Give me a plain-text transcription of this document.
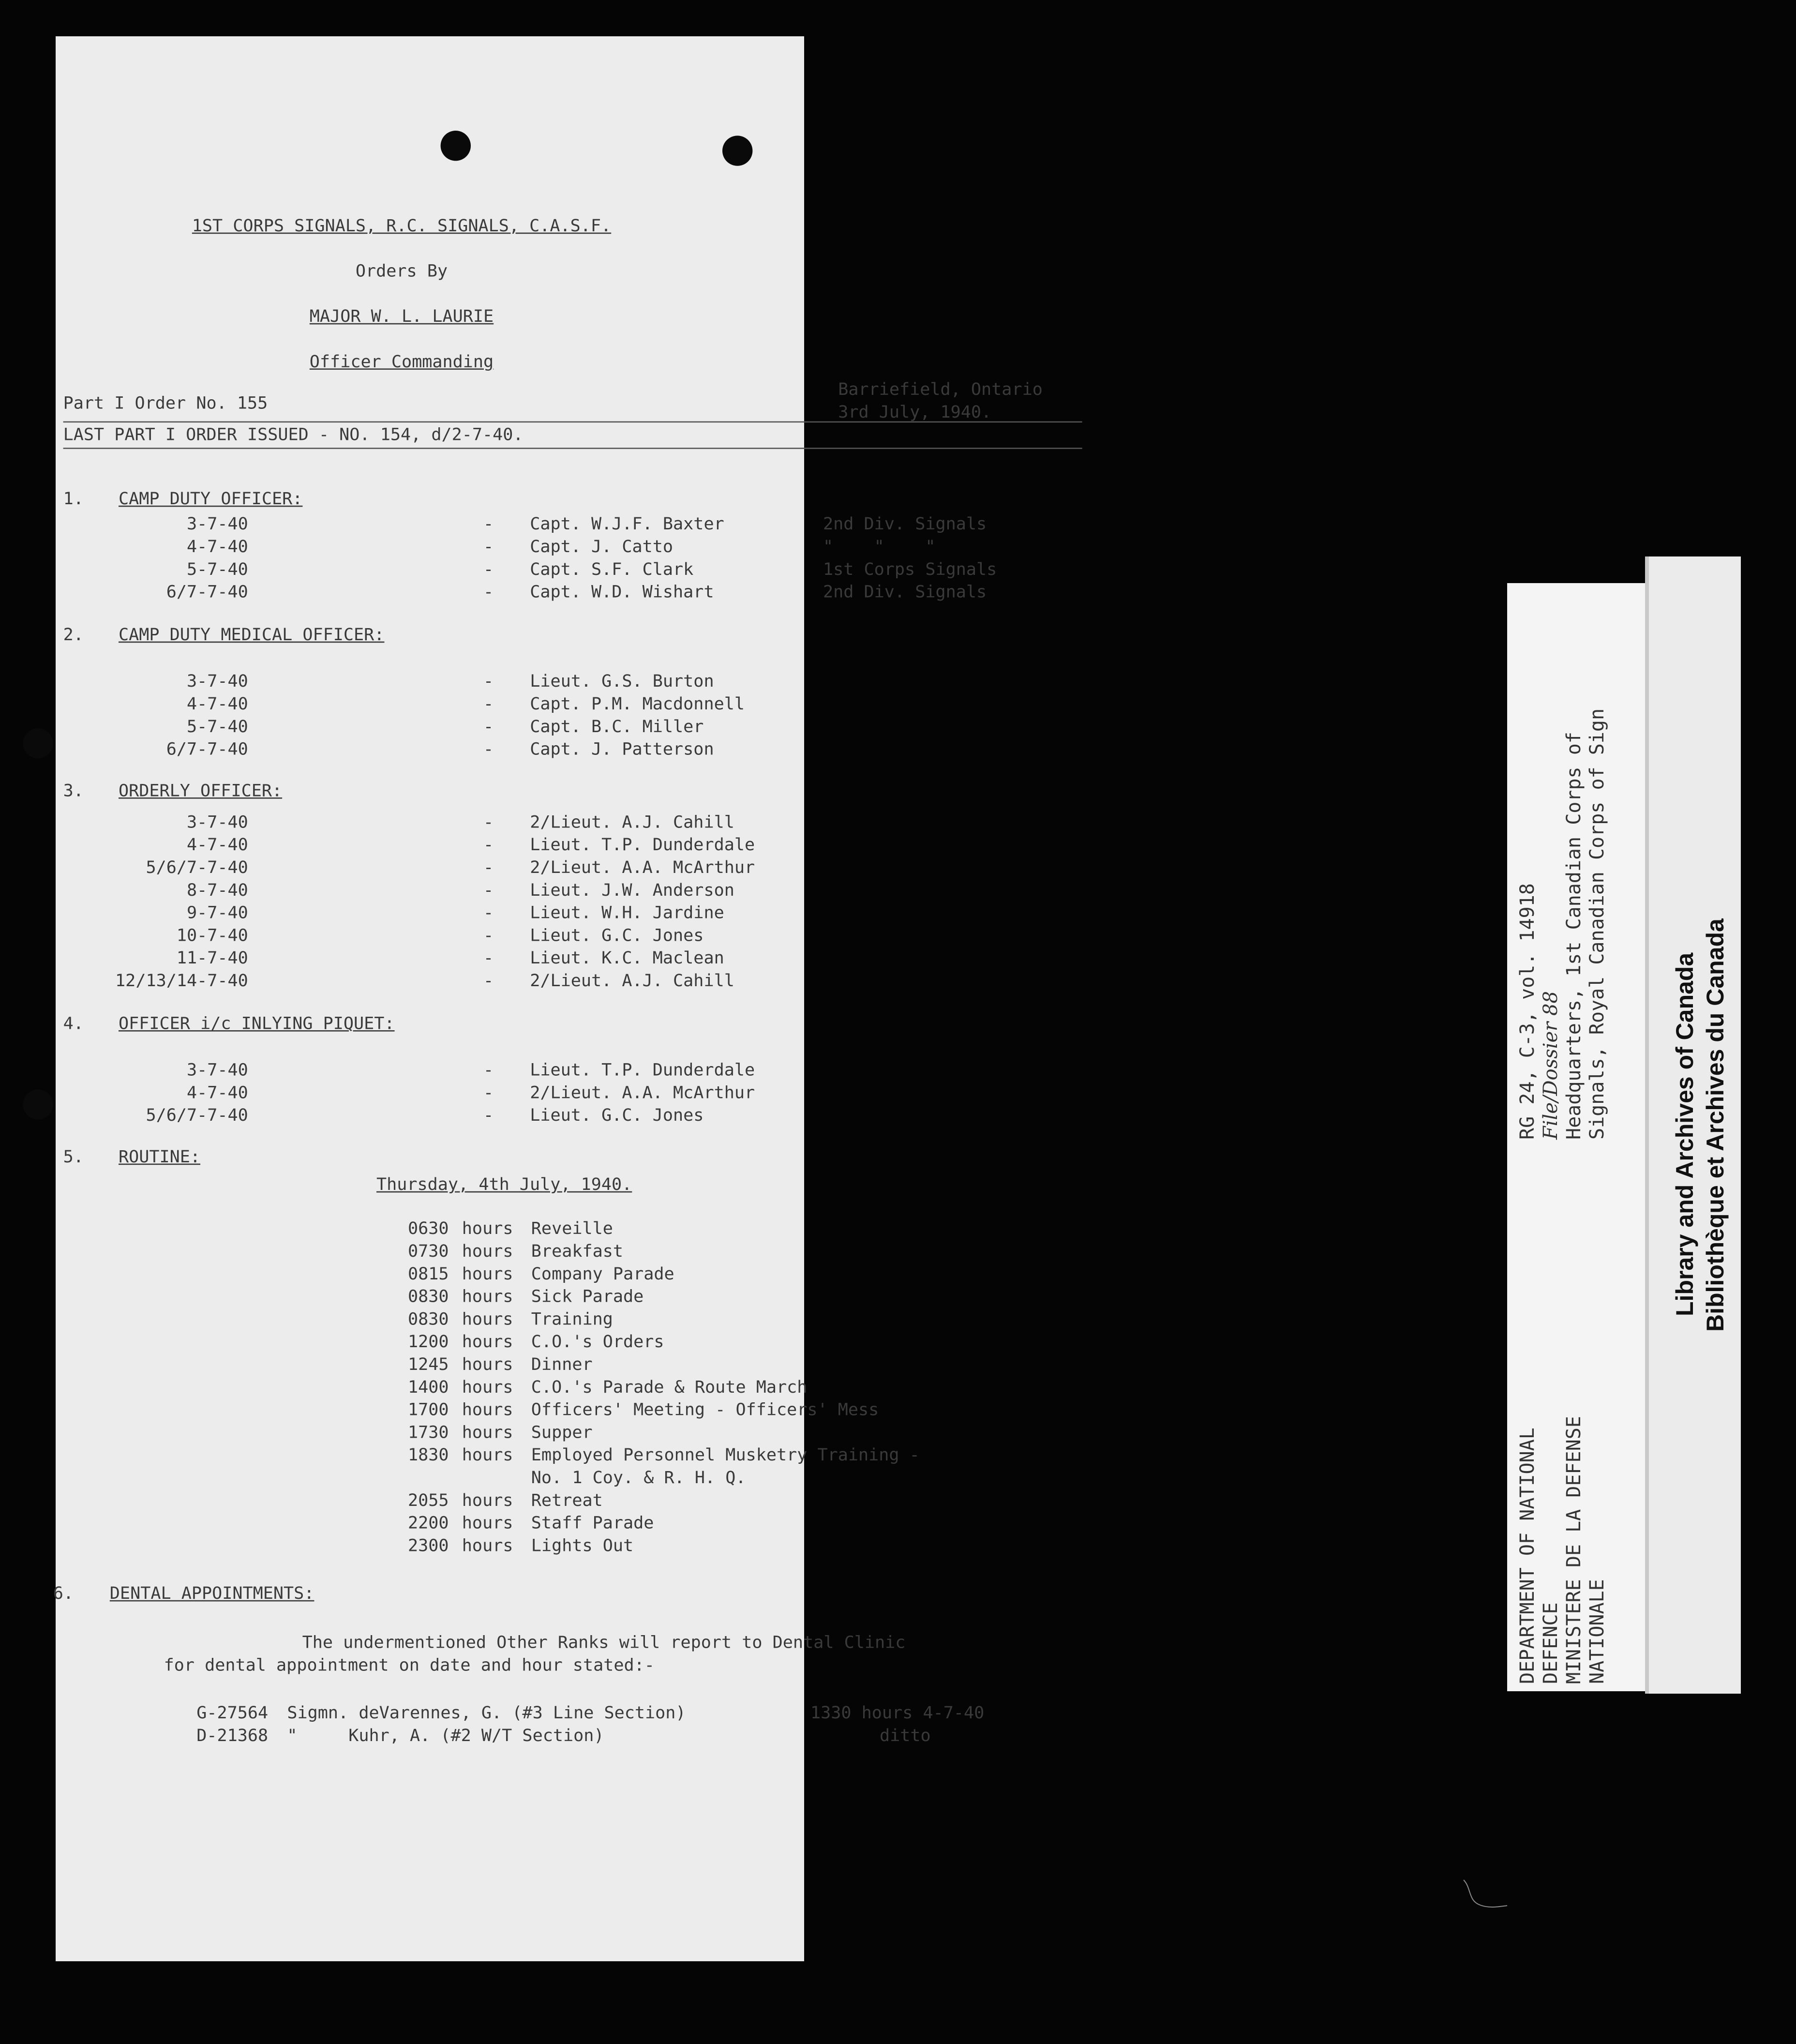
1ST CORPS SIGNALS, R.C. SIGNALS, C.A.S.F.
Orders By
MAJOR W. L. LAURIE
Officer Commanding
Part I Order No. 155
Barriefield, Ontario
3rd July, 1940.
LAST PART I ORDER ISSUED - NO. 154, d/2-7-40.
1.	CAMP DUTY OFFICER:
3-7-40	-	Capt. W.J.F. Baxter	2nd Div. Signals
4-7-40	-	Capt. J. Catto	"    "    "
5-7-40	-	Capt. S.F. Clark	1st Corps Signals
6/7-7-40	-	Capt. W.D. Wishart	2nd Div. Signals
2.	CAMP DUTY MEDICAL OFFICER:
3-7-40	-	Lieut. G.S. Burton
4-7-40	-	Capt. P.M. Macdonnell
5-7-40	-	Capt. B.C. Miller
6/7-7-40	-	Capt. J. Patterson
3.	ORDERLY OFFICER:
3-7-40	-	2/Lieut. A.J. Cahill
4-7-40	-	Lieut. T.P. Dunderdale
5/6/7-7-40	-	2/Lieut. A.A. McArthur
8-7-40	-	Lieut. J.W. Anderson
9-7-40	-	Lieut. W.H. Jardine
10-7-40	-	Lieut. G.C. Jones
11-7-40	-	Lieut. K.C. Maclean
12/13/14-7-40	-	2/Lieut. A.J. Cahill
4.	OFFICER i/c INLYING PIQUET:
3-7-40	-	Lieut. T.P. Dunderdale
4-7-40	-	2/Lieut. A.A. McArthur
5/6/7-7-40	-	Lieut. G.C. Jones
5.	ROUTINE:
Thursday, 4th July, 1940.
0630 hours	Reveille
0730 hours	Breakfast
0815 hours	Company Parade
0830 hours	Sick Parade
0830 hours	Training
1200 hours	C.O.'s Orders
1245 hours	Dinner
1400 hours	C.O.'s Parade & Route March
1700 hours	Officers' Meeting - Officers' Mess
1730 hours	Supper
1830 hours	Employed Personnel Musketry Training -
No. 1 Coy. & R. H. Q.
2055 hours	Retreat
2200 hours	Staff Parade
2300 hours	Lights Out
6.	DENTAL APPOINTMENTS:
The undermentioned Other Ranks will report to Dental Clinic
for dental appointment on date and hour stated:-
G-27564	Sigmn. deVarennes, G. (#3 Line Section)	1330 hours 4-7-40
D-21368	"     Kuhr, A. (#2 W/T Section)	ditto
DEPARTMENT OF NATIONAL DEFENCE MINISTERE DE LA DEFENSE NATIONALE
RG 24, C-3, vol. 14918 File/Dossier 88 Headquarters, 1st Canadian Corps of Signals, Royal Canadian Corps of Sign	Library and Archives of Canada Bibliothèque et Archives du Canada
